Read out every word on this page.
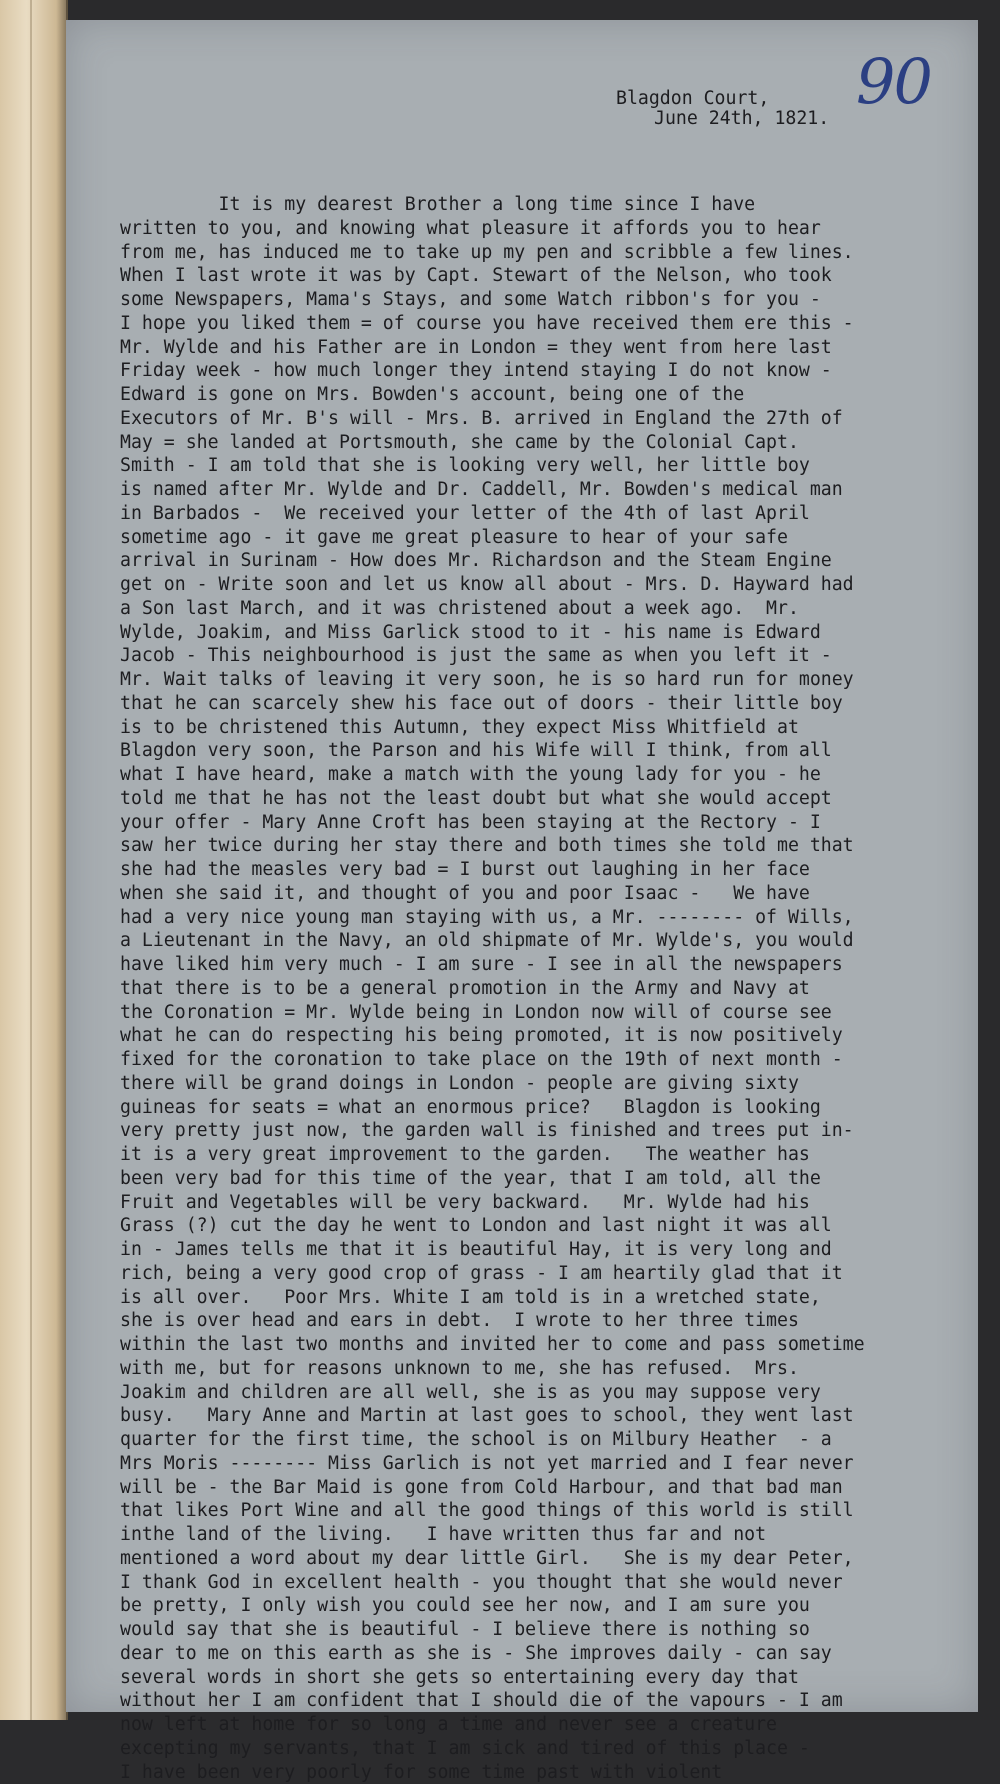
90
Blagdon Court,
June 24th, 1821.
It is my dearest Brother a long time since I have
written to you, and knowing what pleasure it affords you to hear
from me, has induced me to take up my pen and scribble a few lines.
When I last wrote it was by Capt. Stewart of the Nelson, who took
some Newspapers, Mama's Stays, and some Watch ribbon's for you -
I hope you liked them = of course you have received them ere this -
Mr. Wylde and his Father are in London = they went from here last
Friday week - how much longer they intend staying I do not know -
Edward is gone on Mrs. Bowden's account, being one of the
Executors of Mr. B's will - Mrs. B. arrived in England the 27th of
May = she landed at Portsmouth, she came by the Colonial Capt.
Smith - I am told that she is looking very well, her little boy
is named after Mr. Wylde and Dr. Caddell, Mr. Bowden's medical man
in Barbados -  We received your letter of the 4th of last April
sometime ago - it gave me great pleasure to hear of your safe
arrival in Surinam - How does Mr. Richardson and the Steam Engine
get on - Write soon and let us know all about - Mrs. D. Hayward had
a Son last March, and it was christened about a week ago.  Mr.
Wylde, Joakim, and Miss Garlick stood to it - his name is Edward
Jacob - This neighbourhood is just the same as when you left it -
Mr. Wait talks of leaving it very soon, he is so hard run for money
that he can scarcely shew his face out of doors - their little boy
is to be christened this Autumn, they expect Miss Whitfield at
Blagdon very soon, the Parson and his Wife will I think, from all
what I have heard, make a match with the young lady for you - he
told me that he has not the least doubt but what she would accept
your offer - Mary Anne Croft has been staying at the Rectory - I
saw her twice during her stay there and both times she told me that
she had the measles very bad = I burst out laughing in her face
when she said it, and thought of you and poor Isaac -   We have
had a very nice young man staying with us, a Mr. -------- of Wills,
a Lieutenant in the Navy, an old shipmate of Mr. Wylde's, you would
have liked him very much - I am sure - I see in all the newspapers
that there is to be a general promotion in the Army and Navy at
the Coronation = Mr. Wylde being in London now will of course see
what he can do respecting his being promoted, it is now positively
fixed for the coronation to take place on the 19th of next month -
there will be grand doings in London - people are giving sixty
guineas for seats = what an enormous price?   Blagdon is looking
very pretty just now, the garden wall is finished and trees put in-
it is a very great improvement to the garden.   The weather has
been very bad for this time of the year, that I am told, all the
Fruit and Vegetables will be very backward.   Mr. Wylde had his
Grass (?) cut the day he went to London and last night it was all
in - James tells me that it is beautiful Hay, it is very long and
rich, being a very good crop of grass - I am heartily glad that it
is all over.   Poor Mrs. White I am told is in a wretched state,
she is over head and ears in debt.  I wrote to her three times
within the last two months and invited her to come and pass sometime
with me, but for reasons unknown to me, she has refused.  Mrs.
Joakim and children are all well, she is as you may suppose very
busy.   Mary Anne and Martin at last goes to school, they went last
quarter for the first time, the school is on Milbury Heather  - a
Mrs Moris -------- Miss Garlich is not yet married and I fear never
will be - the Bar Maid is gone from Cold Harbour, and that bad man
that likes Port Wine and all the good things of this world is still
inthe land of the living.   I have written thus far and not
mentioned a word about my dear little Girl.   She is my dear Peter,
I thank God in excellent health - you thought that she would never
be pretty, I only wish you could see her now, and I am sure you
would say that she is beautiful - I believe there is nothing so
dear to me on this earth as she is - She improves daily - can say
several words in short she gets so entertaining every day that
without her I am confident that I should die of the vapours - I am
now left at home for so long a time and never see a creature
excepting my servants, that I am sick and tired of this place -
I have been very poorly for some time past with violent
